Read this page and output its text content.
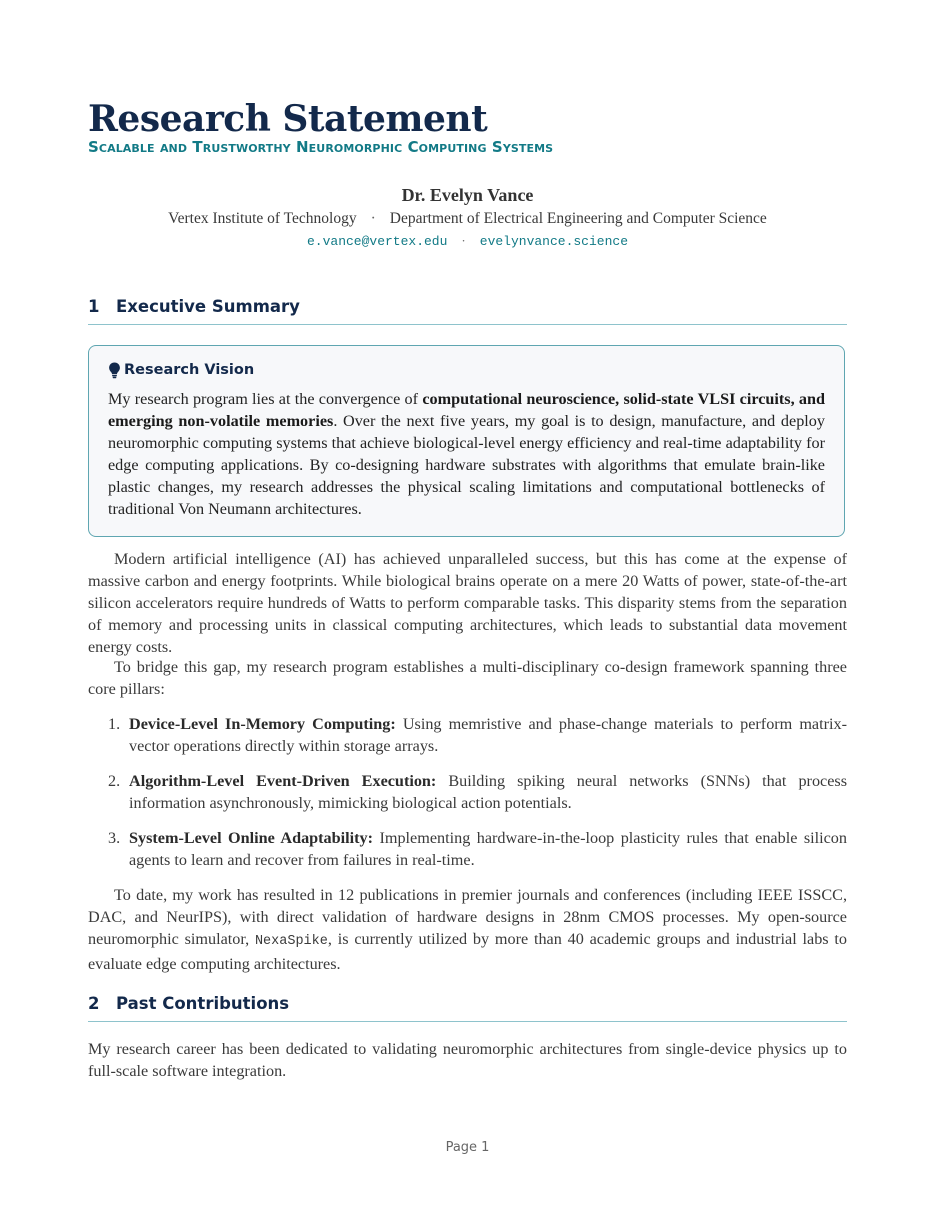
Research Statement
Scalable and Trustworthy Neuromorphic Computing Systems
Dr. Evelyn Vance
Vertex Institute of Technology · Department of Electrical Engineering and Computer Science
e.vance@vertex.edu · evelynvance.science
1 Executive Summary
Research Vision
My research program lies at the convergence of computational neuroscience, solid-state VLSI circuits, and emerging non-volatile memories. Over the next five years, my goal is to design, manufacture, and deploy neuromorphic computing systems that achieve biological-level energy efficiency and real-time adaptability for edge computing applications. By co-designing hardware substrates with algorithms that emulate brain-like plastic changes, my research addresses the physical scaling limitations and computational bottlenecks of traditional Von Neumann architectures.

Modern artificial intelligence (AI) has achieved unparalleled success, but this has come at the expense of massive carbon and energy footprints. While biological brains operate on a mere 20 Watts of power, state-of-the-art silicon accelerators require hundreds of Watts to perform comparable tasks. This disparity stems from the separation of memory and processing units in classical computing architectures, which leads to substantial data movement energy costs.

To bridge this gap, my research program establishes a multi-disciplinary co-design framework spanning three core pillars:

1. Device-Level In-Memory Computing: Using memristive and phase-change materials to perform matrix-vector operations directly within storage arrays.
2. Algorithm-Level Event-Driven Execution: Building spiking neural networks (SNNs) that process information asynchronously, mimicking biological action potentials.
3. System-Level Online Adaptability: Implementing hardware-in-the-loop plasticity rules that enable silicon agents to learn and recover from failures in real-time.

To date, my work has resulted in 12 publications in premier journals and conferences (including IEEE ISSCC, DAC, and NeurIPS), with direct validation of hardware designs in 28nm CMOS processes. My open-source neuromorphic simulator, NexaSpike, is currently utilized by more than 40 academic groups and industrial labs to evaluate edge computing architectures.

2 Past Contributions

My research career has been dedicated to validating neuromorphic architectures from single-device physics up to full-scale software integration.

Page 1
